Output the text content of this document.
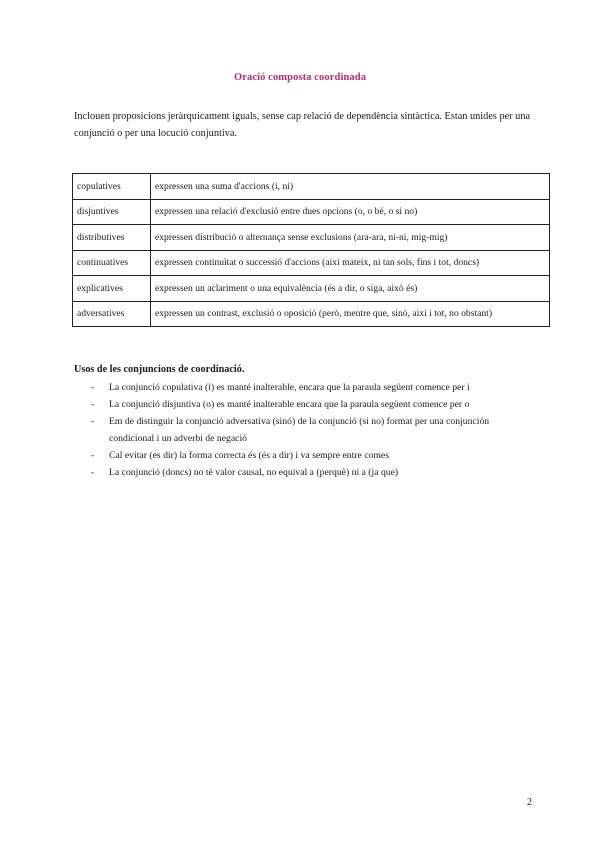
Oració composta coordinada
Inclouen proposicions jeràrquicament iguals, sense cap relació de dependència sintàctica. Estan unides per una conjunció o per una locució conjuntiva.
copulatives	expressen una suma d'accions (i, ni)
disjuntives	expressen una relació d'exclusió entre dues opcions (o, o bé, o si no)
distributives	expressen distribució o alternança sense exclusions (ara-ara, ni-ni, mig-mig)
continuatives	expressen continuïtat o successió d'accions (així mateix, ni tan sols, fins i tot, doncs)
explicatives	expressen un aclariment o una equivalència (és a dir, o siga, això és)
adversatives	expressen un contrast, exclusió o oposició (però, mentre que, sinó, així i tot, no obstant)
Usos de les conjuncions de coordinació.
- La conjunció copulativa (i) es manté inalterable, encara que la paraula següent comence per i
- La conjunció disjuntiva (o) es manté inalterable encara que la paraula següent comence per o
- Em de distinguir la conjunció adversativa (sinó) de la conjunció (si no) format per una conjunción condicional i un adverbi de negació
- Cal evitar (es dir) la forma correcta és (és a dir) i va sempre entre comes
- La conjunció (doncs) no té valor causal, no equival a (perquè) ni a (ja que)
2
